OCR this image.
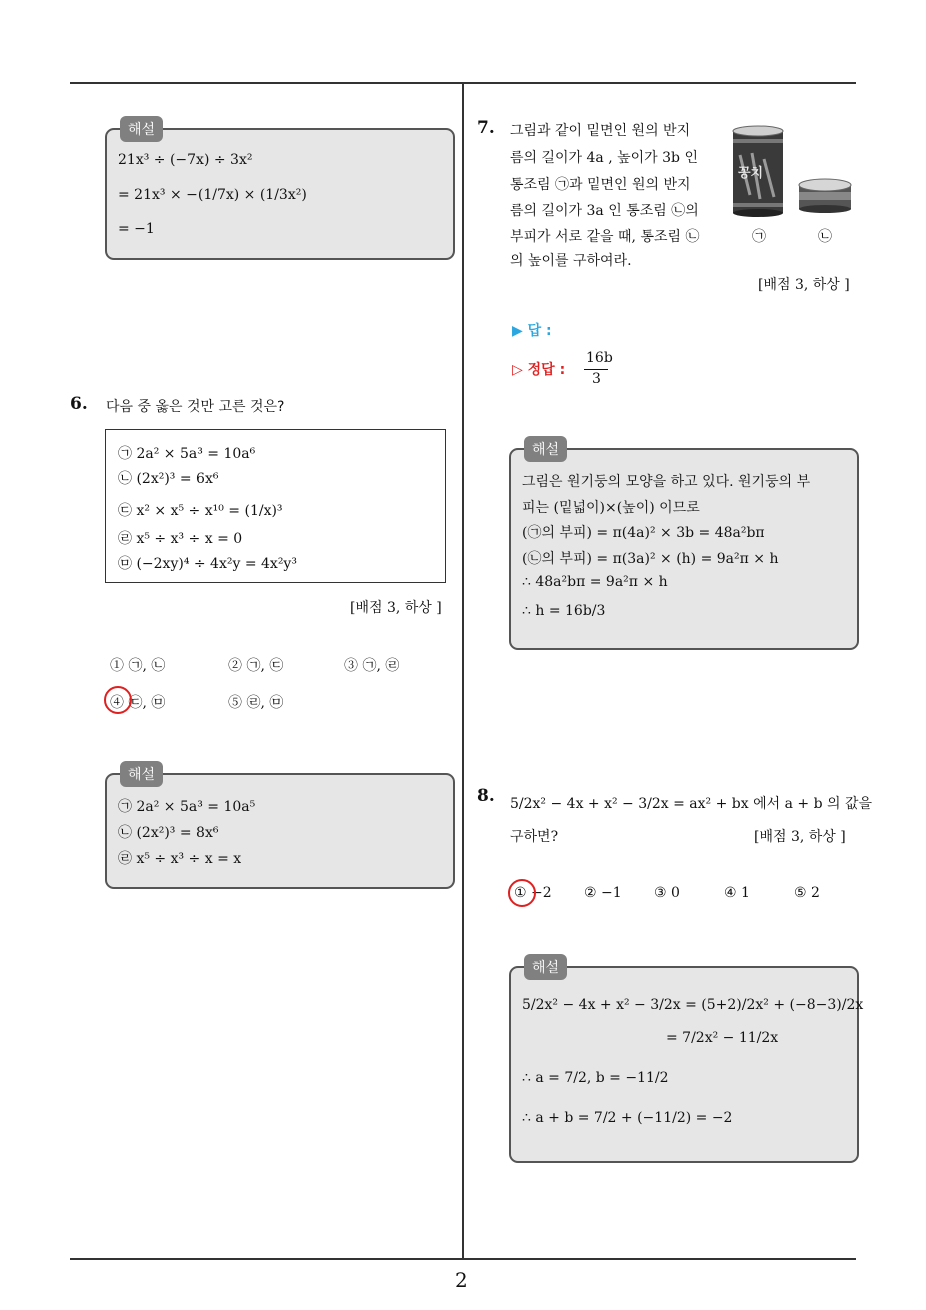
2
해설
21x³ ÷ (−7x) ÷ 3x²
= 21x³ × −(1/7x) × (1/3x²)
= −1
6. 다음 중 옳은 것만 고른 것은?
㉠ 2a² × 5a³ = 10a⁶
㉡ (2x²)³ = 6x⁶
㉢ x² × x⁵ ÷ x¹⁰ = (1/x)³
㉣ x⁵ ÷ x³ ÷ x = 0
㉤ (−2xy)⁴ ÷ 4x²y = 4x²y³
[배점 3, 하상 ]
① ㉠, ㉡	② ㉠, ㉢	③ ㉠, ㉣
④ ㉢, ㉤	⑤ ㉣, ㉤
해설
㉠ 2a² × 5a³ = 10a⁵
㉡ (2x²)³ = 8x⁶
㉣ x⁵ ÷ x³ ÷ x = x
7. 그림과 같이 밑면인 원의 반지
름의 길이가 4a , 높이가 3b 인
통조림 ㉠과 밑면인 원의 반지
름의 길이가 3a 인 통조림 ㉡의
부피가 서로 같을 때, 통조림 ㉡
의 높이를 구하여라.
꽁치
㉠	㉡
[배점 3, 하상 ]
▶ 답 :
▷ 정답 :
16b
3
해설
그림은 원기둥의 모양을 하고 있다. 원기둥의 부
피는 (밑넓이)×(높이) 이므로
(㉠의 부피) = π(4a)² × 3b = 48a²bπ
(㉡의 부피) = π(3a)² × (h) = 9a²π × h
∴ 48a²bπ = 9a²π × h
∴ h = 16b/3
8. 5/2x² − 4x + x² − 3/2x = ax² + bx 에서 a + b 의 값을
구하면?	[배점 3, 하상 ]
① −2 ② −1 ③ 0	④ 1	⑤ 2
해설
5/2x² − 4x + x² − 3/2x = (5+2)/2x² + (−8−3)/2x
= 7/2x² − 11/2x
∴ a = 7/2, b = −11/2
∴ a + b = 7/2 + (−11/2) = −2
